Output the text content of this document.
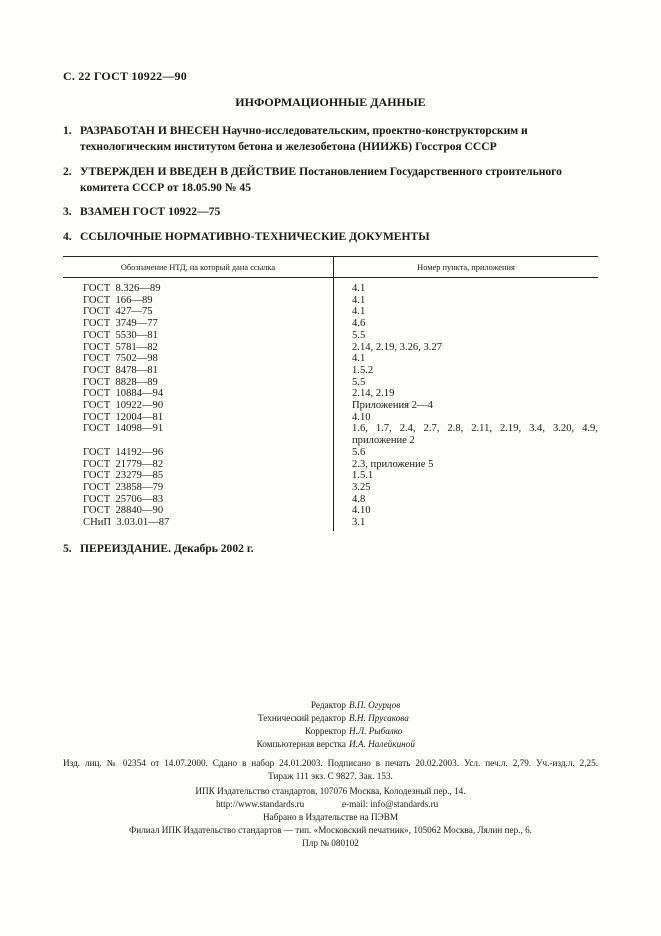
С. 22 ГОСТ 10922—90
ИНФОРМАЦИОННЫЕ ДАННЫЕ
1. РАЗРАБОТАН И ВНЕСЕН Научно-исследовательским, проектно-конструкторским и технологическим институтом бетона и железобетона (НИИЖБ) Госстроя СССР
2. УТВЕРЖДЕН И ВВЕДЕН В ДЕЙСТВИЕ Постановлением Государственного строительного комитета СССР от 18.05.90 № 45
3. ВЗАМЕН ГОСТ 10922—75
4. ССЫЛОЧНЫЕ НОРМАТИВНО-ТЕХНИЧЕСКИЕ ДОКУМЕНТЫ
Обозначение НТД, на который дана ссылка	Номер пункта, приложения
ГОСТ  8.326—89	4.1
ГОСТ  166—89	4.1
ГОСТ  427—75	4.1
ГОСТ  3749—77	4.6
ГОСТ  5530—81	5.5
ГОСТ  5781—82	2.14, 2.19, 3.26, 3.27
ГОСТ  7502—98	4.1
ГОСТ  8478—81	1.5.2
ГОСТ  8828—89	5.5
ГОСТ  10884—94	2.14, 2.19
ГОСТ  10922—90	Приложения 2—4
ГОСТ  12004—81	4.10
ГОСТ  14098—91	1.6, 1.7, 2.4, 2.7, 2.8, 2.11, 2.19, 3.4, 3.20, 4.9, приложение 2
ГОСТ  14192—96	5.6
ГОСТ  21779—82	2.3, приложение 5
ГОСТ  23279—85	1.5.1
ГОСТ  23858—79	3.25
ГОСТ  25706—83	4.8
ГОСТ  28840—90	4.10
СНиП  3.03.01—87	3.1
5. ПЕРЕИЗДАНИЕ. Декабрь 2002 г.
Редактор В.П. Огурцов
Технический редактор В.Н. Прусакова
Корректор Н.Л. Рыбалко
Компьютерная верстка И.А. Налейкиной
Изд. лиц. № 02354 от 14.07.2000. Сдано в набор 24.01.2003. Подписано в печать 20.02.2003. Усл. печ.л. 2,79. Уч.-изд.л. 2,25.
Тираж 111 экз. С 9827. Зак. 153.
ИПК Издательство стандартов, 107076 Москва, Колодезный пер., 14.
http://www.standards.ru	e-mail: info@standards.ru
Набрано в Издательстве на ПЭВМ
Филиал ИПК Издательство стандартов — тип. «Московский печатник», 105062 Москва, Лялин пер., 6.
Плр № 080102
